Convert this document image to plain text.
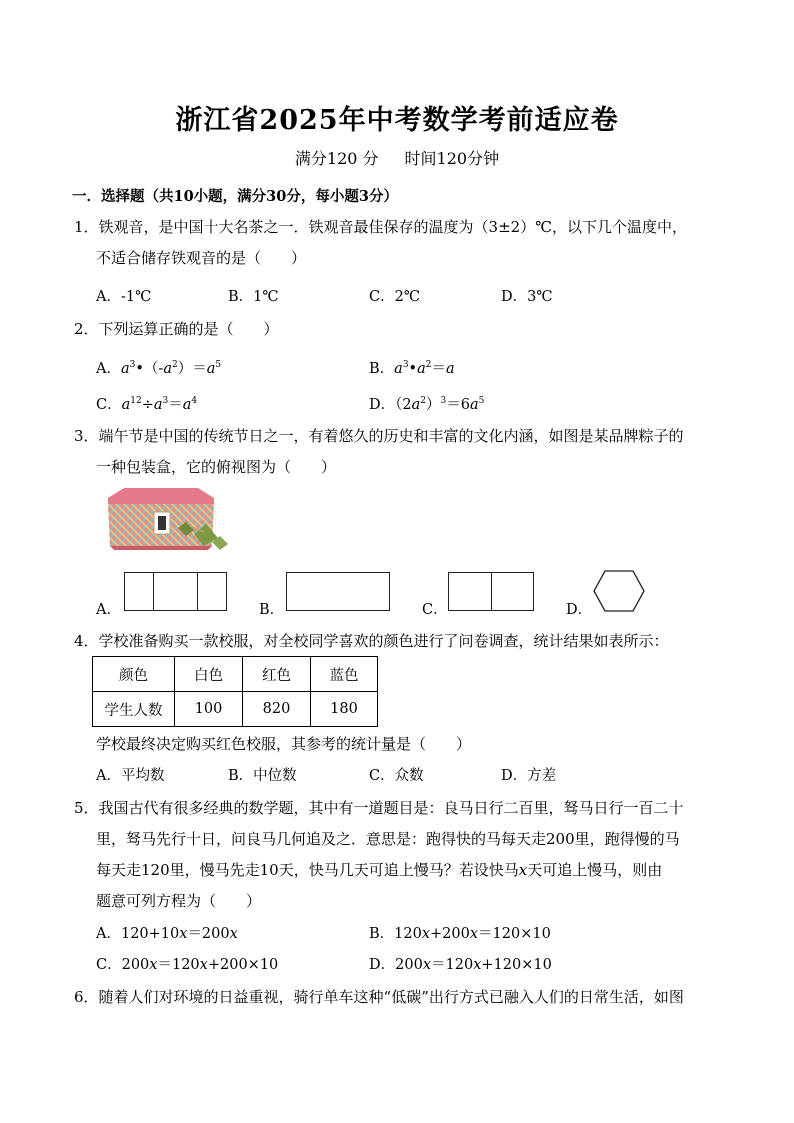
浙江省2025年中考数学考前适应卷
满分120 分 时间120分钟
一．选择题（共10小题，满分30分，每小题3分）
1．铁观音，是中国十大名茶之一．铁观音最佳保存的温度为（3±2）℃，以下几个温度中，
不适合储存铁观音的是（　　）
A．-1℃	B．1℃	C．2℃	D．3℃
2．下列运算正确的是（　　）
A．$a^3•(-a^2)=a^5$	B．$a^3•a^2=a$
C．$a^{12}\div a^3=a^4$	D．$(2a^2)^3=6a^5$
3．端午节是中国的传统节日之一，有着悠久的历史和丰富的文化内涵，如图是某品牌粽子的
一种包装盒，它的俯视图为（　　）
A．	B．	C．	D．
4．学校准备购买一款校服，对全校同学喜欢的颜色进行了问卷调查，统计结果如表所示：
颜色	白色	红色	蓝色
学生人数	100	820	180
学校最终决定购买红色校服，其参考的统计量是（　　）
A．平均数	B．中位数	C．众数	D．方差
5．我国古代有很多经典的数学题，其中有一道题目是：良马日行二百里，驽马日行一百二十
里，驽马先行十日，问良马几何追及之．意思是：跑得快的马每天走200里，跑得慢的马
每天走120里，慢马先走10天，快马几天可追上慢马？若设快马x天可追上慢马，则由
题意可列方程为（　　）
A．120+10x＝200x	B．120x+200x＝120×10
C．200x＝120x+200×10	D．200x＝120x+120×10
6．随着人们对环境的日益重视，骑行单车这种“低碳”出行方式已融入人们的日常生活，如图
